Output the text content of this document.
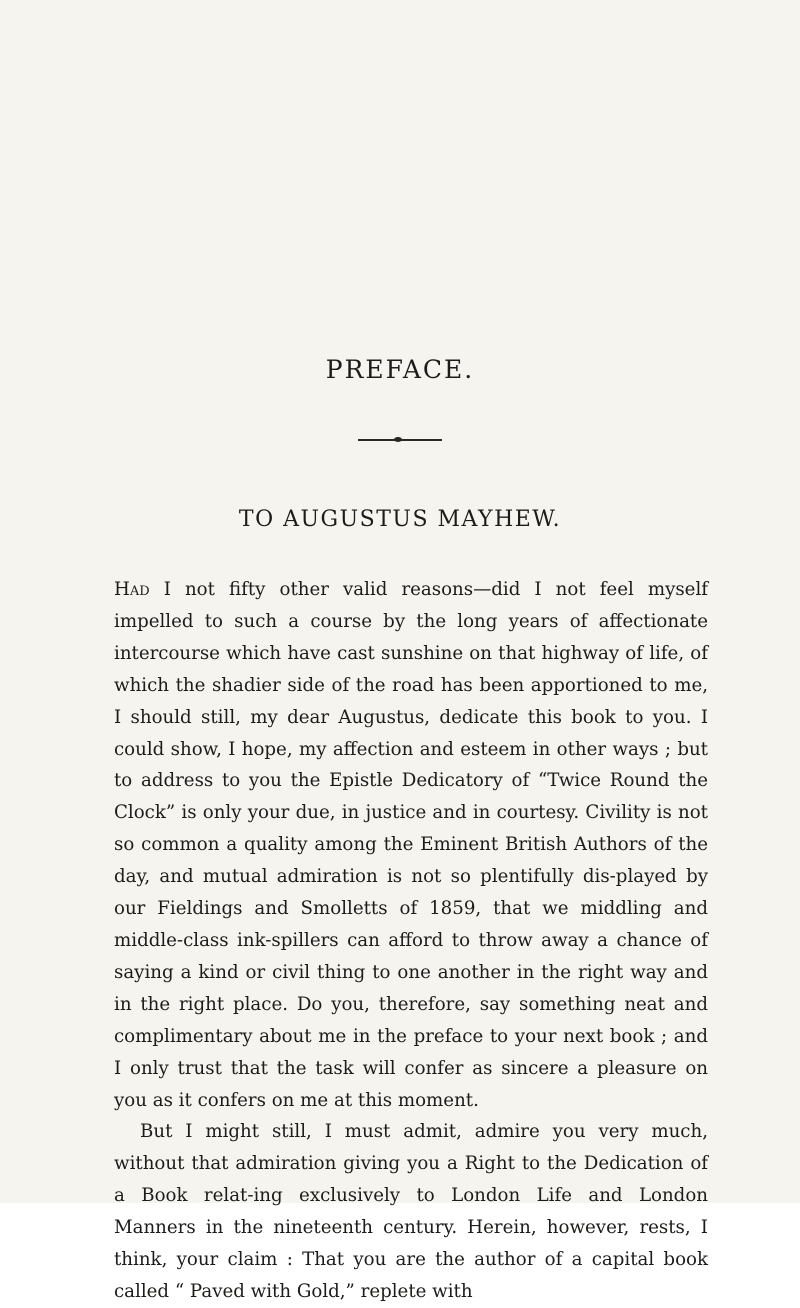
PREFACE.
TO AUGUSTUS MAYHEW.

Had I not fifty other valid reasons—did I not feel myself impelled to such a course by the long years of affectionate intercourse which have cast sunshine on that highway of life, of which the shadier side of the road has been apportioned to me, I should still, my dear Augustus, dedicate this book to you. I could show, I hope, my affection and esteem in other ways ; but to address to you the Epistle Dedicatory of “Twice Round the Clock” is only your due, in justice and in courtesy. Civility is not so common a quality among the Eminent British Authors of the day, and mutual admiration is not so plentifully dis-played by our Fieldings and Smolletts of 1859, that we middling and middle-class ink-spillers can afford to throw away a chance of saying a kind or civil thing to one another in the right way and in the right place. Do you, therefore, say something neat and complimentary about me in the preface to your next book ; and I only trust that the task will confer as sincere a pleasure on you as it confers on me at this moment.

But I might still, I must admit, admire you very much, without that admiration giving you a Right to the Dedication of a Book relat-ing exclusively to London Life and London Manners in the nineteenth century. Herein, however, rests, I think, your claim : That you are the author of a capital book called “ Paved with Gold,” replete with
